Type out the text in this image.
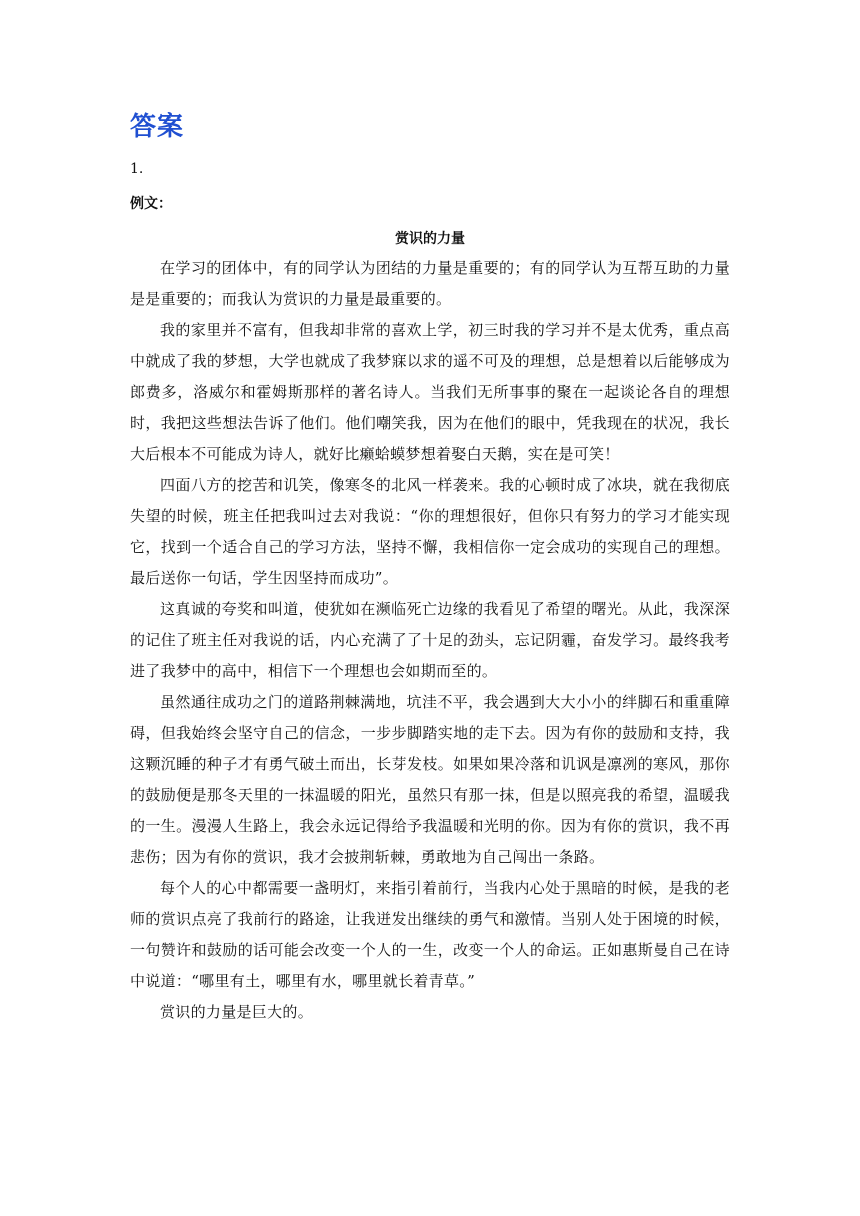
答案
1.
例文：
赏识的力量

在学习的团体中，有的同学认为团结的力量是重要的；有的同学认为互帮互助的力量是是重要的；而我认为赏识的力量是最重要的。

我的家里并不富有，但我却非常的喜欢上学，初三时我的学习并不是太优秀，重点高中就成了我的梦想，大学也就成了我梦寐以求的遥不可及的理想，总是想着以后能够成为郎费多，洛威尔和霍姆斯那样的著名诗人。当我们无所事事的聚在一起谈论各自的理想时，我把这些想法告诉了他们。他们嘲笑我，因为在他们的眼中，凭我现在的状况，我长大后根本不可能成为诗人，就好比癞蛤蟆梦想着娶白天鹅，实在是可笑！

四面八方的挖苦和讥笑，像寒冬的北风一样袭来。我的心顿时成了冰块，就在我彻底失望的时候，班主任把我叫过去对我说：“你的理想很好，但你只有努力的学习才能实现它，找到一个适合自己的学习方法，坚持不懈，我相信你一定会成功的实现自己的理想。最后送你一句话，学生因坚持而成功”。

这真诚的夸奖和叫道，使犹如在濒临死亡边缘的我看见了希望的曙光。从此，我深深的记住了班主任对我说的话，内心充满了了十足的劲头，忘记阴霾，奋发学习。最终我考进了我梦中的高中，相信下一个理想也会如期而至的。

虽然通往成功之门的道路荆棘满地，坑洼不平，我会遇到大大小小的绊脚石和重重障碍，但我始终会坚守自己的信念，一步步脚踏实地的走下去。因为有你的鼓励和支持，我这颗沉睡的种子才有勇气破土而出，长芽发枝。如果如果冷落和讥讽是凛冽的寒风，那你的鼓励便是那冬天里的一抹温暖的阳光，虽然只有那一抹，但是以照亮我的希望，温暖我的一生。漫漫人生路上，我会永远记得给予我温暖和光明的你。因为有你的赏识，我不再悲伤；因为有你的赏识，我才会披荆斩棘，勇敢地为自己闯出一条路。

每个人的心中都需要一盏明灯，来指引着前行，当我内心处于黑暗的时候，是我的老师的赏识点亮了我前行的路途，让我迸发出继续的勇气和激情。当别人处于困境的时候，一句赞许和鼓励的话可能会改变一个人的一生，改变一个人的命运。正如惠斯曼自己在诗中说道：“哪里有土，哪里有水，哪里就长着青草。”

赏识的力量是巨大的。
